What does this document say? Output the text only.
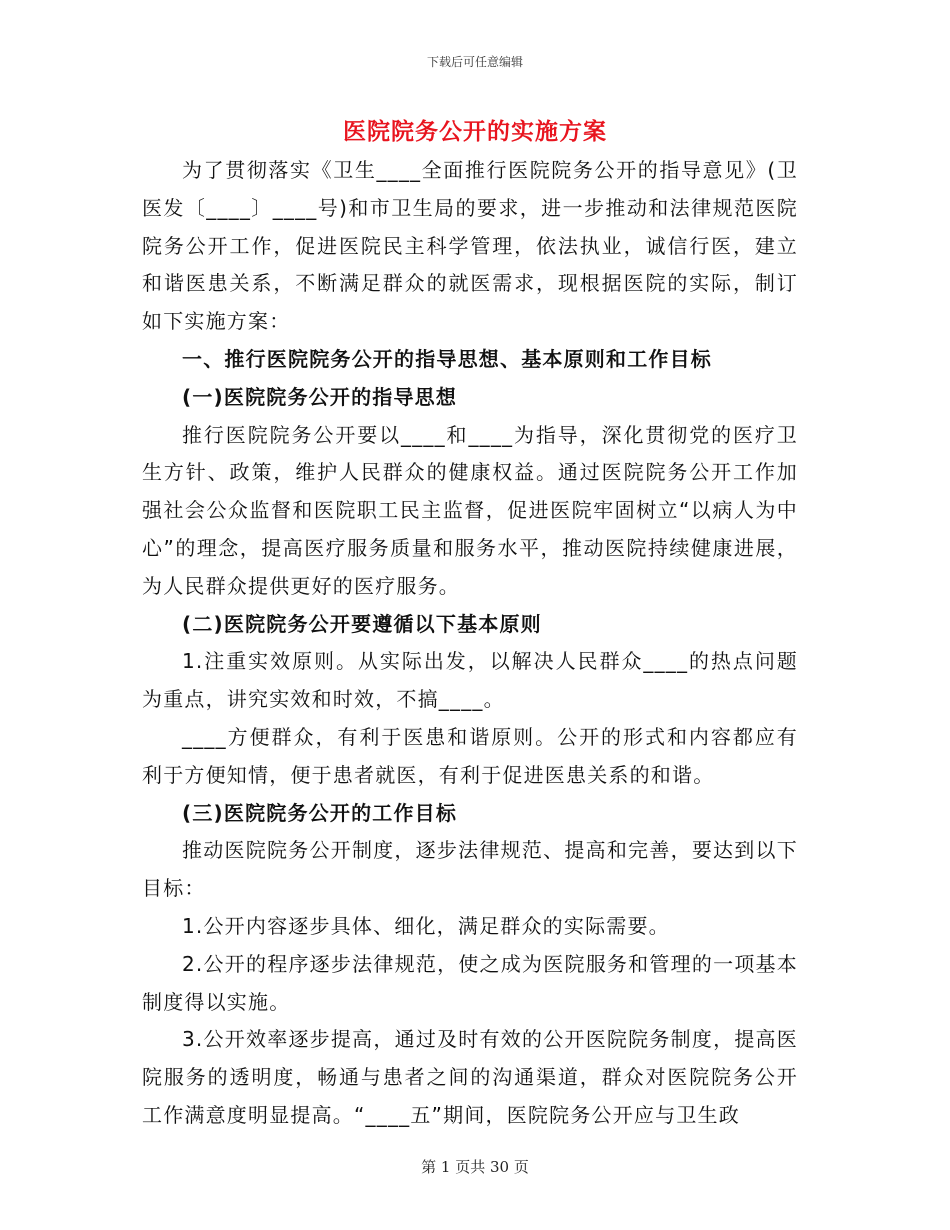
下载后可任意编辑
医院院务公开的实施方案

为了贯彻落实《卫生____全面推行医院院务公开的指导意见》(卫医发〔____〕____号)和市卫生局的要求，进一步推动和法律规范医院院务公开工作，促进医院民主科学管理，依法执业，诚信行医，建立和谐医患关系，不断满足群众的就医需求，现根据医院的实际，制订如下实施方案：

一、推行医院院务公开的指导思想、基本原则和工作目标

(一)医院院务公开的指导思想

推行医院院务公开要以____和____为指导，深化贯彻党的医疗卫生方针、政策，维护人民群众的健康权益。通过医院院务公开工作加强社会公众监督和医院职工民主监督，促进医院牢固树立“以病人为中心”的理念，提高医疗服务质量和服务水平，推动医院持续健康进展，为人民群众提供更好的医疗服务。

(二)医院院务公开要遵循以下基本原则

1.注重实效原则。从实际出发，以解决人民群众____的热点问题为重点，讲究实效和时效，不搞____。

____方便群众，有利于医患和谐原则。公开的形式和内容都应有利于方便知情，便于患者就医，有利于促进医患关系的和谐。

(三)医院院务公开的工作目标

推动医院院务公开制度，逐步法律规范、提高和完善，要达到以下目标：

1.公开内容逐步具体、细化，满足群众的实际需要。

2.公开的程序逐步法律规范，使之成为医院服务和管理的一项基本制度得以实施。

3.公开效率逐步提高，通过及时有效的公开医院院务制度，提高医院服务的透明度，畅通与患者之间的沟通渠道，群众对医院院务公开工作满意度明显提高。“____五”期间，医院院务公开应与卫生政

第 1 页共 30 页
